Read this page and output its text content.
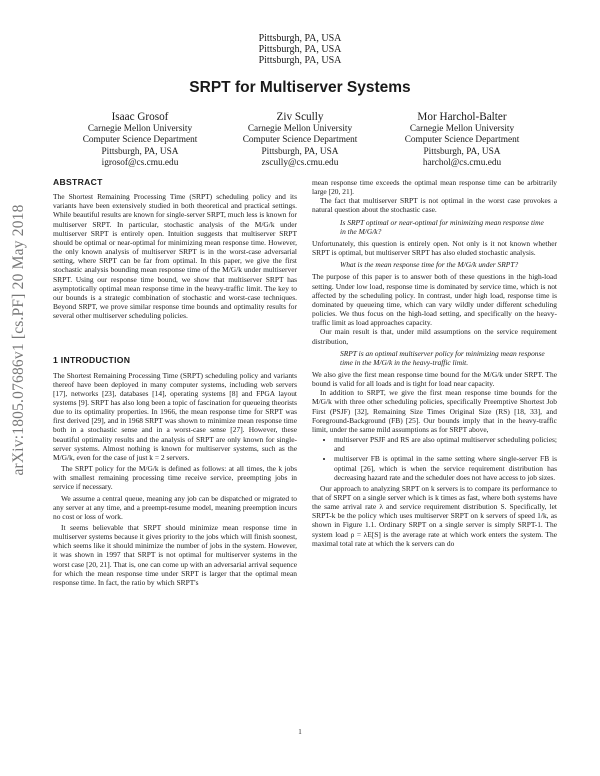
arXiv:1805.07686v1 [cs.PF] 20 May 2018
Pittsburgh, PA, USA
Pittsburgh, PA, USA
Pittsburgh, PA, USA
SRPT for Multiserver Systems
Isaac Grosof
Carnegie Mellon University
Computer Science Department
Pittsburgh, PA, USA
igrosof@cs.cmu.edu
Ziv Scully
Carnegie Mellon University
Computer Science Department
Pittsburgh, PA, USA
zscully@cs.cmu.edu
Mor Harchol-Balter
Carnegie Mellon University
Computer Science Department
Pittsburgh, PA, USA
harchol@cs.cmu.edu
ABSTRACT

The Shortest Remaining Processing Time (SRPT) scheduling policy and its variants have been extensively studied in both theoretical and practical settings. While beautiful results are known for single-server SRPT, much less is known for multiserver SRPT. In particular, stochastic analysis of the M/G/k under multiserver SRPT is entirely open. Intuition suggests that multiserver SRPT should be optimal or near-optimal for minimizing mean response time. However, the only known analysis of multiserver SRPT is in the worst-case adversarial setting, where SRPT can be far from optimal. In this paper, we give the first stochastic analysis bounding mean response time of the M/G/k under multiserver SRPT. Using our response time bound, we show that multiserver SRPT has asymptotically optimal mean response time in the heavy-traffic limit. The key to our bounds is a strategic combination of stochastic and worst-case techniques. Beyond SRPT, we prove similar response time bounds and optimality results for several other multiserver scheduling policies.

1 INTRODUCTION

The Shortest Remaining Processing Time (SRPT) scheduling policy and variants thereof have been deployed in many computer systems, including web servers [17], networks [23], databases [14], operating systems [8] and FPGA layout systems [9]. SRPT has also long been a topic of fascination for queueing theorists due to its optimality properties. In 1966, the mean response time for SRPT was first derived [29], and in 1968 SRPT was shown to minimize mean response time both in a stochastic sense and in a worst-case sense [27]. However, these beautiful optimality results and the analysis of SRPT are only known for single-server systems. Almost nothing is known for multiserver systems, such as the M/G/k, even for the case of just k = 2 servers.

The SRPT policy for the M/G/k is defined as follows: at all times, the k jobs with smallest remaining processing time receive service, preempting jobs in service if necessary.

We assume a central queue, meaning any job can be dispatched or migrated to any server at any time, and a preempt-resume model, meaning preemption incurs no cost or loss of work.

It seems believable that SRPT should minimize mean response time in multiserver systems because it gives priority to the jobs which will finish soonest, which seems like it should minimize the number of jobs in the system. However, it was shown in 1997 that SRPT is not optimal for multiserver systems in the worst case [20, 21]. That is, one can come up with an adversarial arrival sequence for which the mean response time under SRPT is larger that the optimal mean response time. In fact, the ratio by which SRPT's

mean response time exceeds the optimal mean response time can be arbitrarily large [20, 21].

The fact that multiserver SRPT is not optimal in the worst case provokes a natural question about the stochastic case.

Is SRPT optimal or near-optimal for minimizing mean response time in the M/G/k?

Unfortunately, this question is entirely open. Not only is it not known whether SRPT is optimal, but multiserver SRPT has also eluded stochastic analysis.

What is the mean response time for the M/G/k under SRPT?

The purpose of this paper is to answer both of these questions in the high-load setting. Under low load, response time is dominated by service time, which is not affected by the scheduling policy. In contrast, under high load, response time is dominated by queueing time, which can vary wildly under different scheduling policies. We thus focus on the high-load setting, and specifically on the heavy-traffic limit as load approaches capacity.

Our main result is that, under mild assumptions on the service requirement distribution,

SRPT is an optimal multiserver policy for minimizing mean response time in the M/G/k in the heavy-traffic limit.

We also give the first mean response time bound for the M/G/k under SRPT. The bound is valid for all loads and is tight for load near capacity.

In addition to SRPT, we give the first mean response time bounds for the M/G/k with three other scheduling policies, specifically Preemptive Shortest Job First (PSJF) [32], Remaining Size Times Original Size (RS) [18, 33], and Foreground-Background (FB) [25]. Our bounds imply that in the heavy-traffic limit, under the same mild assumptions as for SRPT above,

• multiserver PSJF and RS are also optimal multiserver scheduling policies; and
• multiserver FB is optimal in the same setting where single-server FB is optimal [26], which is when the service requirement distribution has decreasing hazard rate and the scheduler does not have access to job sizes.

Our approach to analyzing SRPT on k servers is to compare its performance to that of SRPT on a single server which is k times as fast, where both systems have the same arrival rate λ and service requirement distribution S. Specifically, let SRPT-k be the policy which uses multiserver SRPT on k servers of speed 1/k, as shown in Figure 1.1. Ordinary SRPT on a single server is simply SRPT-1. The system load ρ = λE[S] is the average rate at which work enters the system. The maximal total rate at which the k servers can do

1
